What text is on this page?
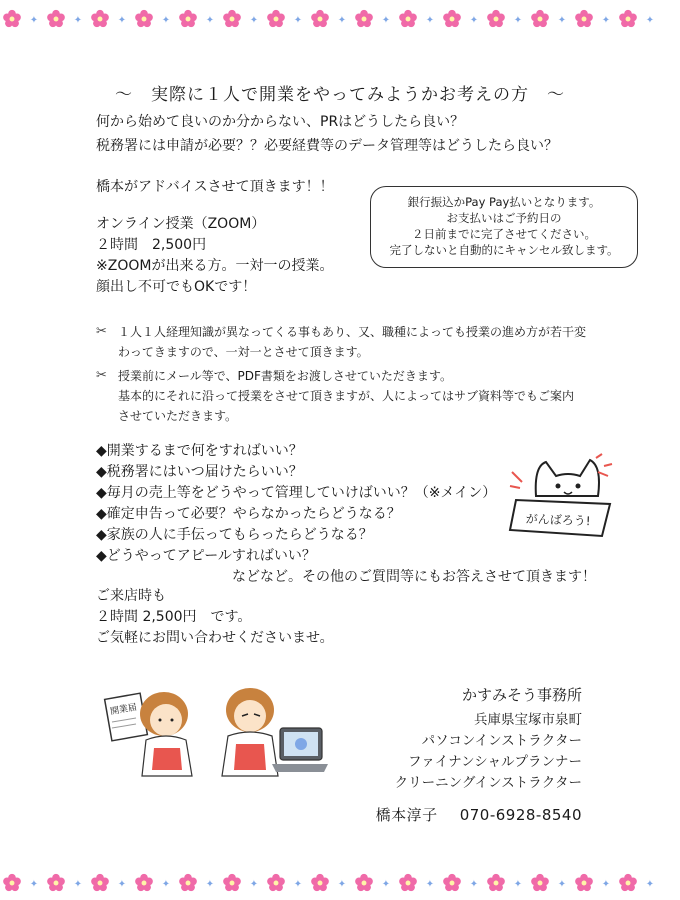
✦	✦	✦	✦	✦	✦	✦	✦	✦	✦	✦	✦	✦	✦	✦
～　実際に１人で開業をやってみようかお考えの方　～
何から始めて良いのか分からない、PRはどうしたら良い？
税務署には申請が必要？？必要経費等のデータ管理等はどうしたら良い？
橋本がアドバイスさせて頂きます！！
オンライン授業（ZOOM）
２時間　2,500円
※ZOOMが出来る方。一対一の授業。
顔出し不可でもOKです！
銀行振込かPay Pay払いとなります。
お支払いはご予約日の
２日前までに完了させてください。
完了しないと自動的にキャンセル致します。
✂ １人１人経理知識が異なってくる事もあり、又、職種によっても授業の進め方が若干変
わってきますので、一対一とさせて頂きます。
✂ 授業前にメール等で、PDF書類をお渡しさせていただきます。
基本的にそれに沿って授業をさせて頂きますが、人によってはサブ資料等でもご案内
させていただきます。
◆開業するまで何をすればいい？
◆税務署にはいつ届けたらいい？
◆毎月の売上等をどうやって管理していけばいい？（※メイン）
◆確定申告って必要？やらなかったらどうなる？
◆家族の人に手伝ってもらったらどうなる？
◆どうやってアピールすればいい？
などなど。その他のご質問等にもお答えさせて頂きます！
ご来店時も
２時間 2,500円　です。
ご気軽にお問い合わせくださいませ。
がんばろう!
開業届
かすみそう事務所
兵庫県宝塚市泉町
パソコンインストラクター
ファイナンシャルプランナー
クリーニングインストラクター
橋本淳子 070-6928-8540
✦	✦	✦	✦	✦	✦	✦	✦	✦	✦	✦	✦	✦	✦	✦
